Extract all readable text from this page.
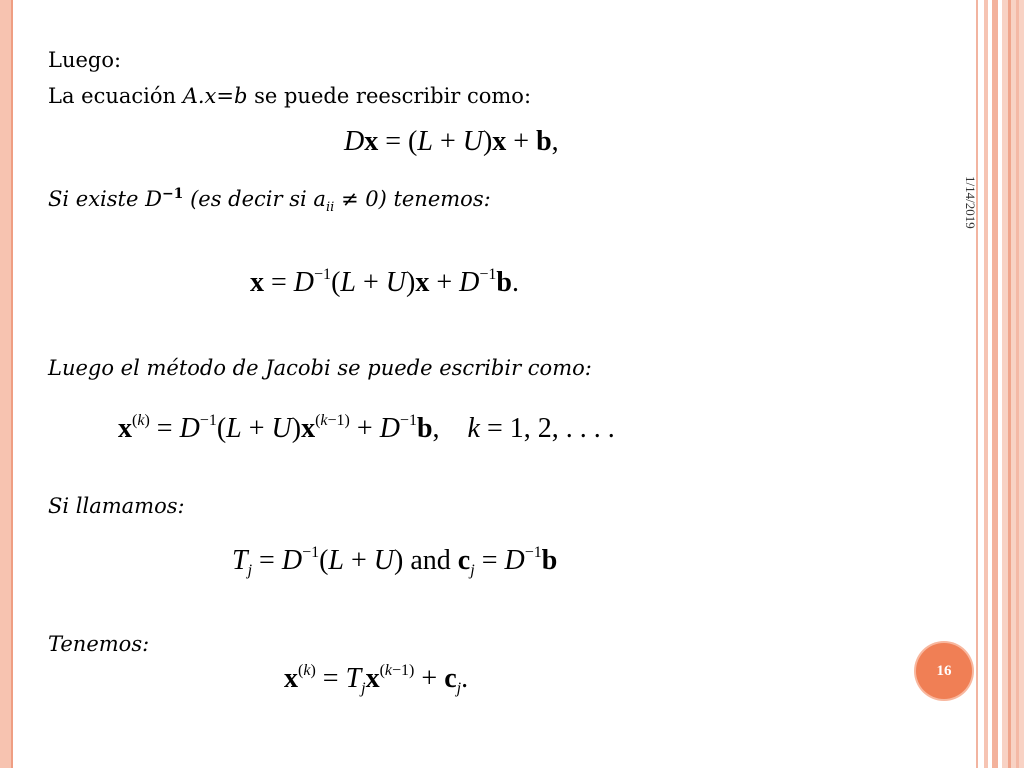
1/14/2019
Luego:
La ecuación A.x=b se puede reescribir como:
Dx = (L + U)x + b,
Si existe $D^{-1}$ (es decir si $a_{ii} \ne 0$) tenemos:
$x = D^{-1}(L + U)x + D^{-1}b$.
Luego el método de Jacobi se puede escribir como:
$x^{(k)} = D^{-1}(L + U)x^{(k-1)} + D^{-1}b$,    k = 1, 2, . . . .
Si llamamos:
$T_j = D^{-1}(L + U)$ and $c_j = D^{-1}b$
Tenemos:
$x^{(k)} = T_jx^{(k-1)} + c_j$.	16
